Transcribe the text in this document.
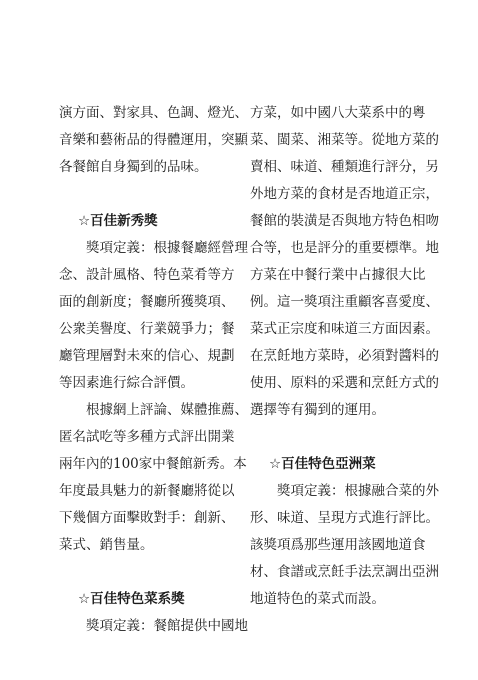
演方面、對家具、色調、燈光、
音樂和藝術品的得體運用，突顯
各餐館自身獨到的品味。
☆百佳新秀獎
獎項定義：根據餐廳經營理
念、設計風格、特色菜肴等方
面的創新度；餐廳所獲獎項、
公衆美譽度、行業競爭力；餐
廳管理層對未來的信心、規劃
等因素進行綜合評價。
根據網上評論、媒體推薦、
匿名試吃等多種方式評出開業
兩年內的100家中餐館新秀。本
年度最具魅力的新餐廳將從以
下幾個方面擊敗對手：創新、
菜式、銷售量。
☆百佳特色菜系獎
獎項定義：餐館提供中國地
方菜，如中國八大菜系中的粵
菜、閩菜、湘菜等。從地方菜的
賣相、味道、種類進行評分，另
外地方菜的食材是否地道正宗，
餐館的裝潢是否與地方特色相吻
合等，也是評分的重要標準。地
方菜在中餐行業中占據很大比
例。這一獎項注重顧客喜愛度、
菜式正宗度和味道三方面因素。
在烹飪地方菜時，必須對醬料的
使用、原料的采選和烹飪方式的
選擇等有獨到的運用。
☆百佳特色亞洲菜
獎項定義：根據融合菜的外
形、味道、呈現方式進行評比。
該獎項爲那些運用該國地道食
材、食譜或烹飪手法烹調出亞洲
地道特色的菜式而設。
